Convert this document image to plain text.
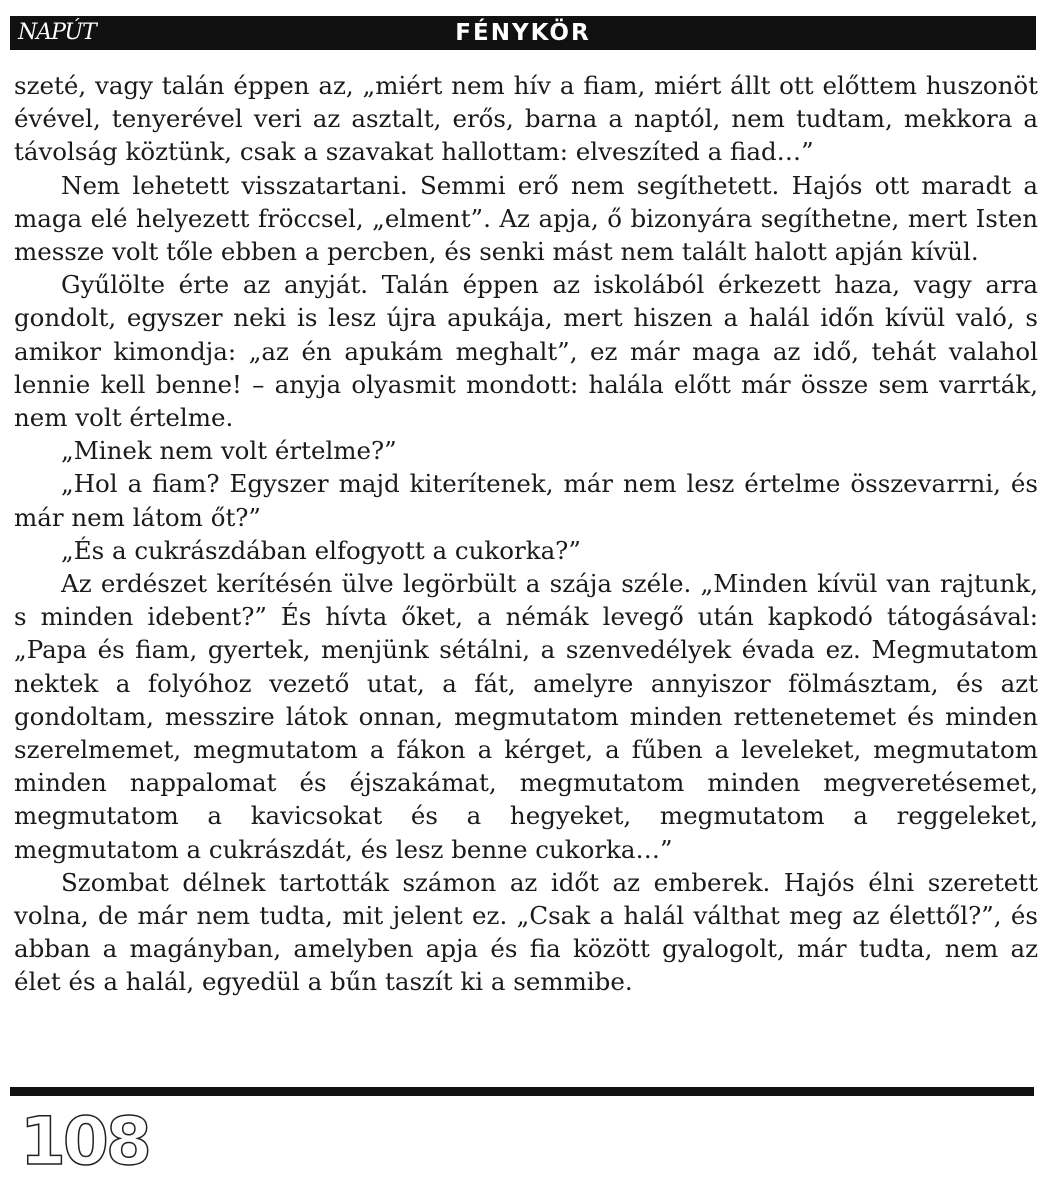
NAPÚT	FÉNYKÖR

szeté, vagy talán éppen az, „miért nem hív a fiam, miért állt ott előttem huszonöt évével, tenyerével veri az asztalt, erős, barna a naptól, nem tudtam, mekkora a távolság köztünk, csak a szavakat hallottam: elveszíted a fiad…”

Nem lehetett visszatartani. Semmi erő nem segíthetett. Hajós ott maradt a maga elé helyezett fröccsel, „elment”. Az apja, ő bizonyára segíthetne, mert Isten messze volt tőle ebben a percben, és senki mást nem talált halott apján kívül.

Gyűlölte érte az anyját. Talán éppen az iskolából érkezett haza, vagy arra gondolt, egyszer neki is lesz újra apukája, mert hiszen a halál időn kívül való, s amikor kimondja: „az én apukám meghalt”, ez már maga az idő, tehát valahol lennie kell benne! – anyja olyasmit mondott: halála előtt már össze sem varrták, nem volt értelme.

„Minek nem volt értelme?”

„Hol a fiam? Egyszer majd kiterítenek, már nem lesz értelme összevarrni, és már nem látom őt?”

„És a cukrászdában elfogyott a cukorka?”

Az erdészet kerítésén ülve legörbült a szája széle. „Minden kívül van rajtunk, s minden idebent?” És hívta őket, a némák levegő után kapkodó tátogásával: „Papa és fiam, gyertek, menjünk sétálni, a szenvedélyek évada ez. Megmutatom nektek a folyóhoz vezető utat, a fát, amelyre annyiszor fölmásztam, és azt gondoltam, messzire látok onnan, megmutatom minden rettenetemet és minden szerelmemet, megmutatom a fákon a kérget, a fűben a leveleket, megmutatom minden nappalomat és éjszakámat, megmutatom minden megveretésemet, megmutatom a kavicsokat és a hegyeket, megmutatom a reggeleket, megmutatom a cukrászdát, és lesz benne cukorka…”

Szombat délnek tartották számon az időt az emberek. Hajós élni szeretett volna, de már nem tudta, mit jelent ez. „Csak a halál válthat meg az élettől?”, és abban a magányban, amelyben apja és fia között gyalogolt, már tudta, nem az élet és a halál, egyedül a bűn taszít ki a semmibe.

108
